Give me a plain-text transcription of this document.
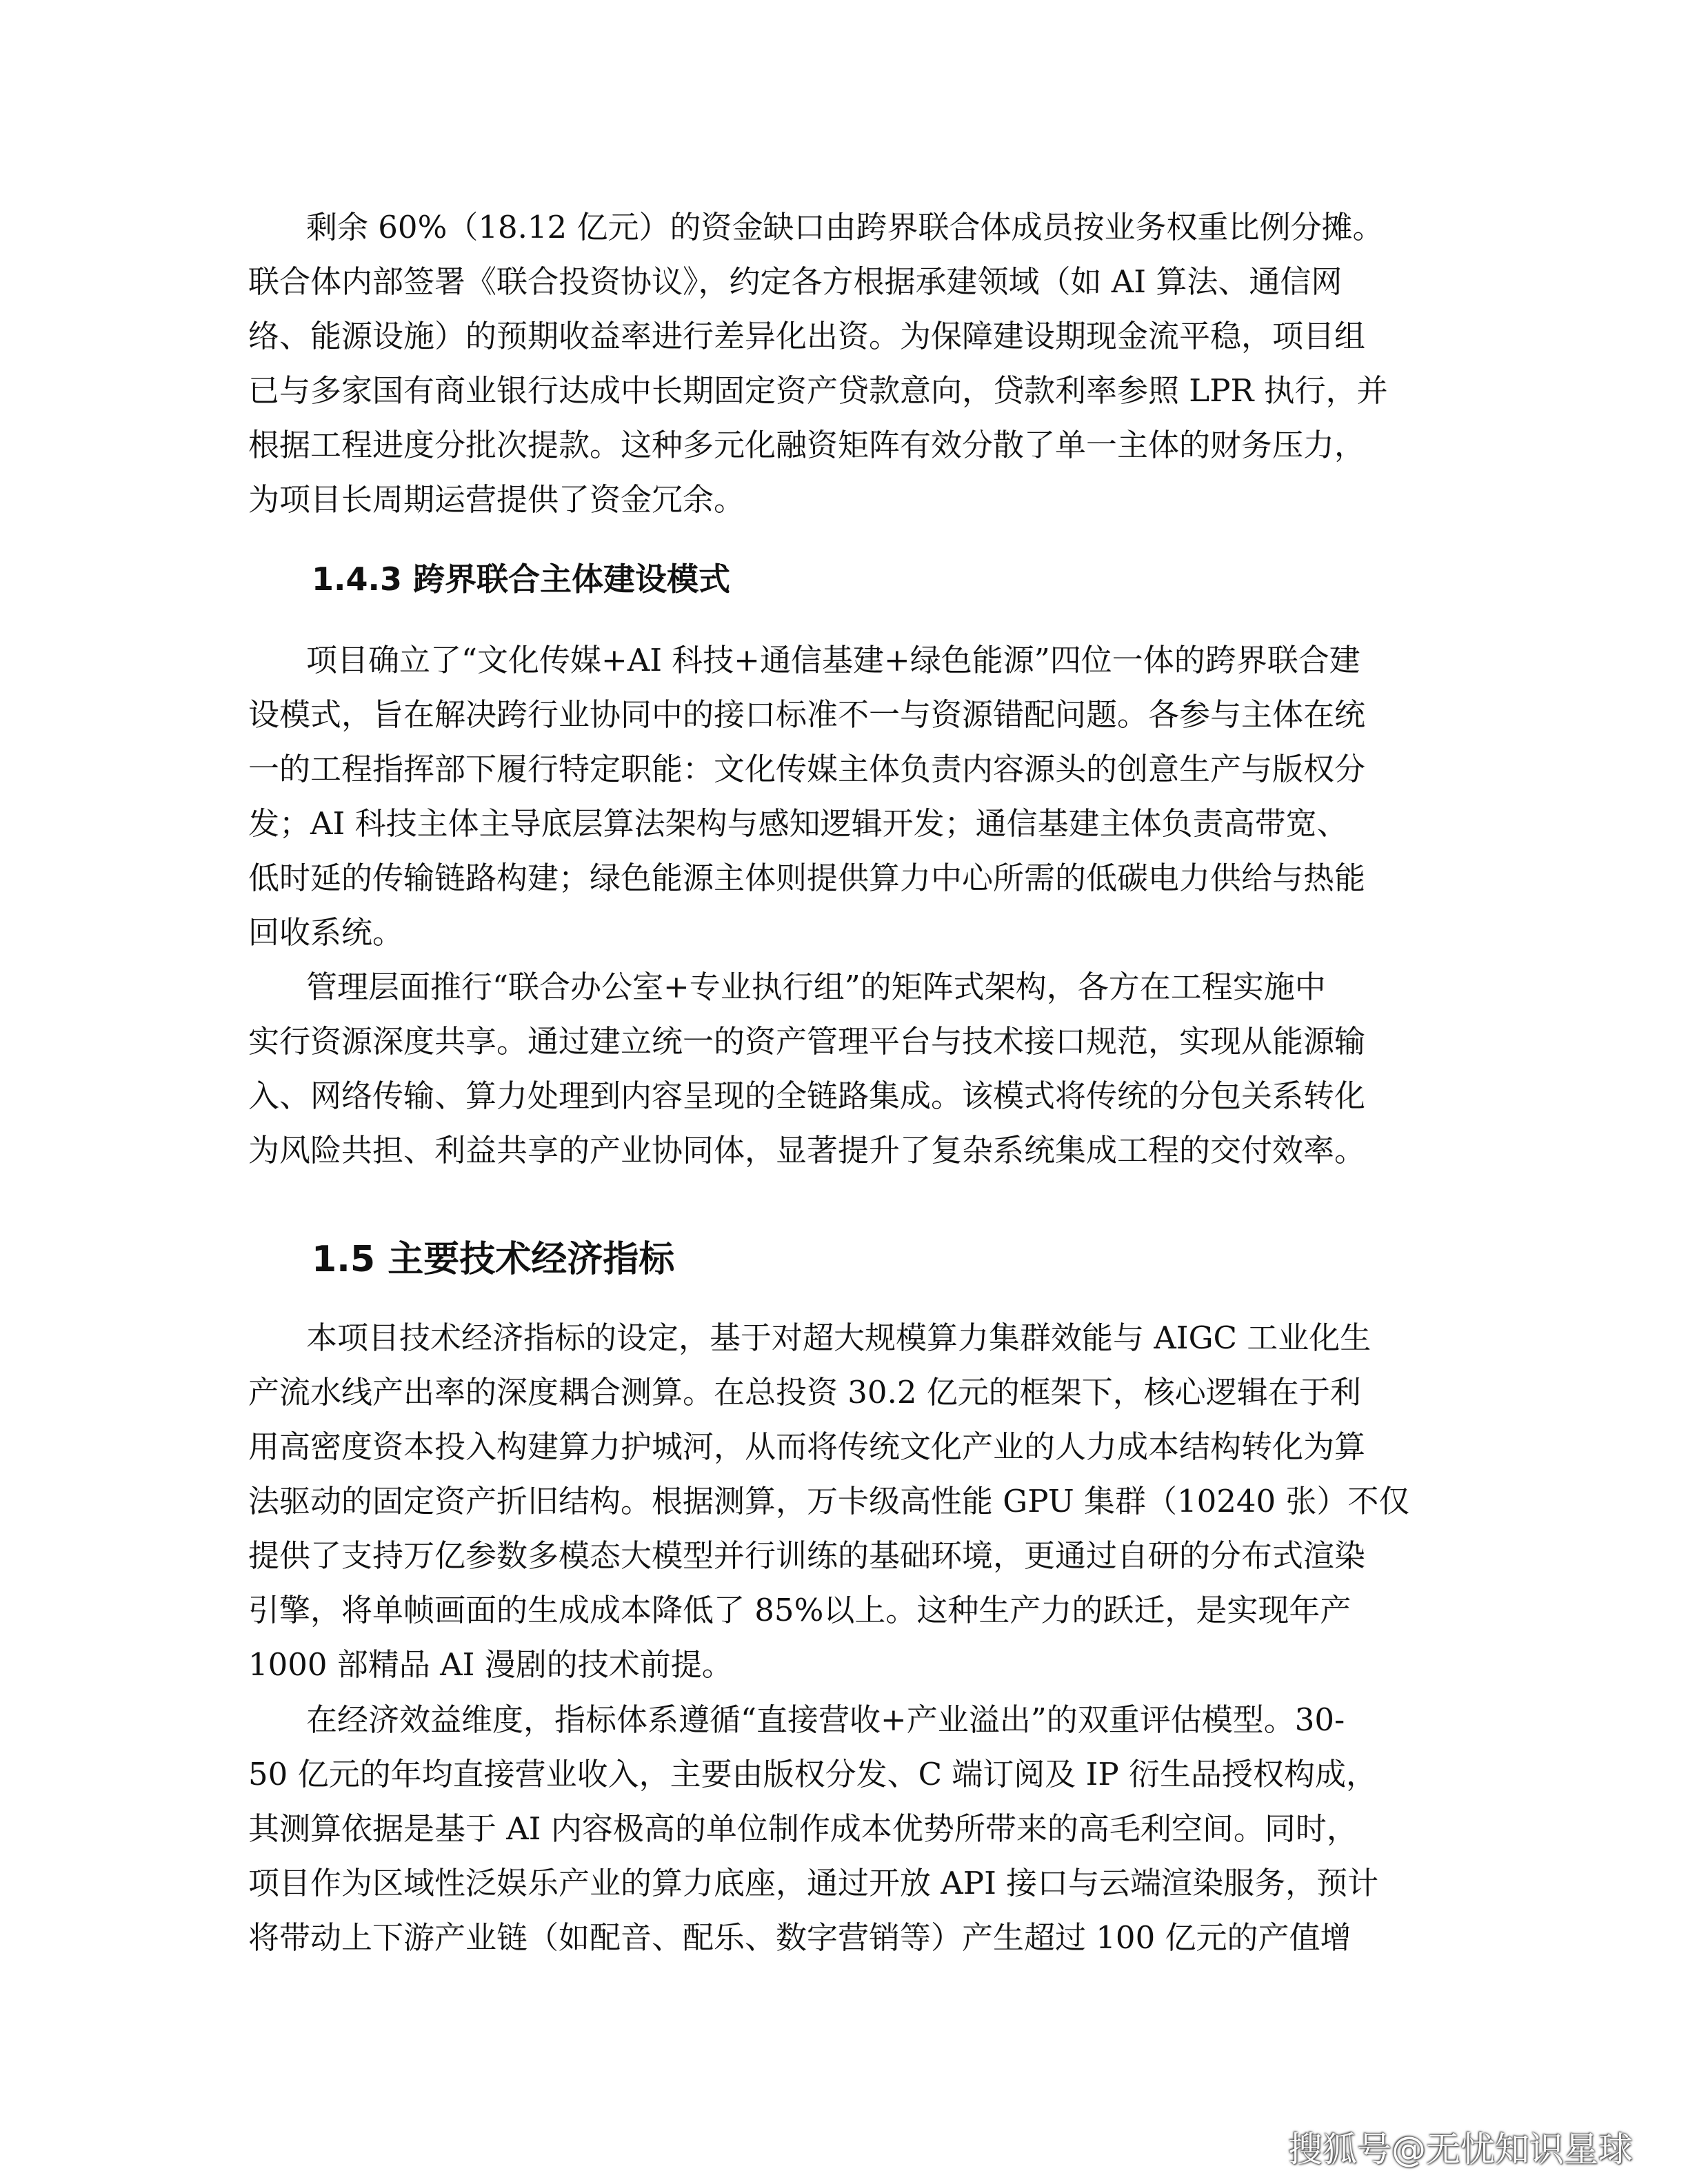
剩余 60%（18.12 亿元）的资金缺口由跨界联合体成员按业务权重比例分摊。

联合体内部签署《联合投资协议》，约定各方根据承建领域（如 AI 算法、通信网

络、能源设施）的预期收益率进行差异化出资。为保障建设期现金流平稳，项目组

已与多家国有商业银行达成中长期固定资产贷款意向，贷款利率参照 LPR 执行，并

根据工程进度分批次提款。这种多元化融资矩阵有效分散了单一主体的财务压力，

为项目长周期运营提供了资金冗余。

1.4.3 跨界联合主体建设模式

项目确立了“文化传媒+AI 科技+通信基建+绿色能源”四位一体的跨界联合建

设模式，旨在解决跨行业协同中的接口标准不一与资源错配问题。各参与主体在统

一的工程指挥部下履行特定职能：文化传媒主体负责内容源头的创意生产与版权分

发；AI 科技主体主导底层算法架构与感知逻辑开发；通信基建主体负责高带宽、

低时延的传输链路构建；绿色能源主体则提供算力中心所需的低碳电力供给与热能

回收系统。

管理层面推行“联合办公室+专业执行组”的矩阵式架构，各方在工程实施中

实行资源深度共享。通过建立统一的资产管理平台与技术接口规范，实现从能源输

入、网络传输、算力处理到内容呈现的全链路集成。该模式将传统的分包关系转化

为风险共担、利益共享的产业协同体，显著提升了复杂系统集成工程的交付效率。

1.5 主要技术经济指标

本项目技术经济指标的设定，基于对超大规模算力集群效能与 AIGC 工业化生

产流水线产出率的深度耦合测算。在总投资 30.2 亿元的框架下，核心逻辑在于利

用高密度资本投入构建算力护城河，从而将传统文化产业的人力成本结构转化为算

法驱动的固定资产折旧结构。根据测算，万卡级高性能 GPU 集群（10240 张）不仅

提供了支持万亿参数多模态大模型并行训练的基础环境，更通过自研的分布式渲染

引擎，将单帧画面的生成成本降低了 85%以上。这种生产力的跃迁，是实现年产

1000 部精品 AI 漫剧的技术前提。

在经济效益维度，指标体系遵循“直接营收+产业溢出”的双重评估模型。30-

50 亿元的年均直接营业收入，主要由版权分发、C 端订阅及 IP 衍生品授权构成，

其测算依据是基于 AI 内容极高的单位制作成本优势所带来的高毛利空间。同时，

项目作为区域性泛娱乐产业的算力底座，通过开放 API 接口与云端渲染服务，预计

将带动上下游产业链（如配音、配乐、数字营销等）产生超过 100 亿元的产值增

搜狐号@无忧知识星球
